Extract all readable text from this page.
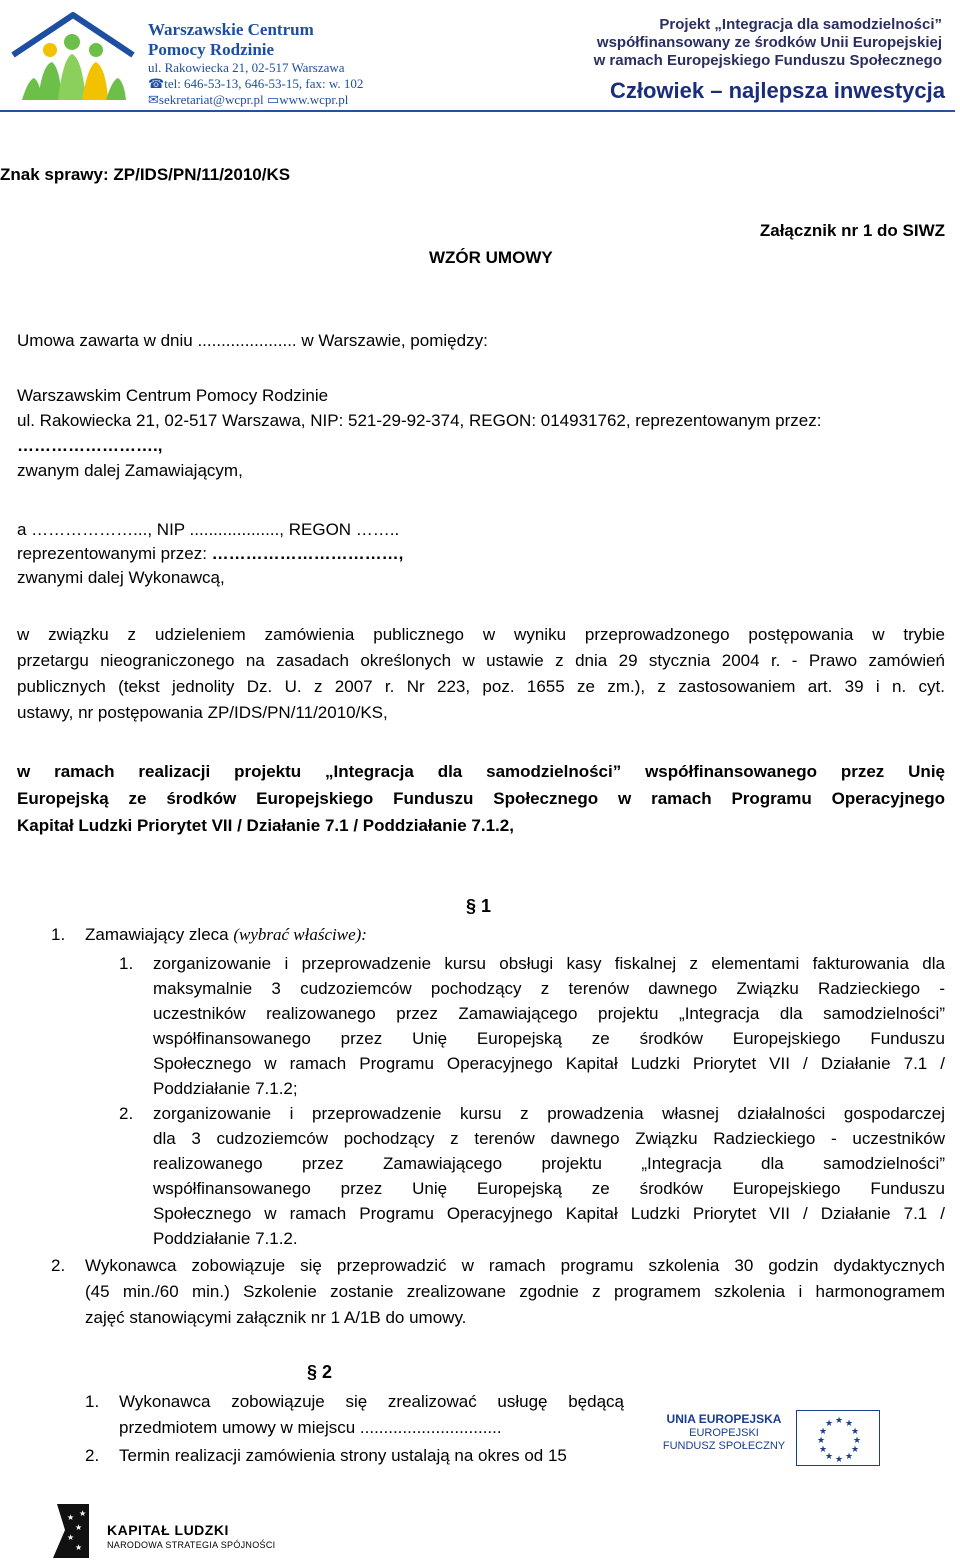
Warszawskie Centrum
Pomocy Rodzinie
ul. Rakowiecka 21, 02-517 Warszawa
☎tel: 646-53-13, 646-53-15, fax: w. 102
✉sekretariat@wcpr.pl ▭www.wcpr.pl
Projekt „Integracja dla samodzielności”
współfinansowany ze środków Unii Europejskiej
w ramach Europejskiego Funduszu Społecznego
Człowiek – najlepsza inwestycja
Znak sprawy: ZP/IDS/PN/11/2010/KS
Załącznik nr 1 do SIWZ
WZÓR UMOWY
Umowa zawarta w dniu ..................... w Warszawie, pomiędzy:
Warszawskim Centrum Pomocy Rodzinie
ul. Rakowiecka 21, 02-517 Warszawa, NIP: 521-29-92-374, REGON: 014931762, reprezentowanym przez:
…………………….,
zwanym dalej Zamawiającym,
a ………………..., NIP ..................., REGON ……..
reprezentowanymi przez: ……………………………,
zwanymi dalej Wykonawcą,
w związku z udzieleniem zamówienia publicznego w wyniku przeprowadzonego postępowania w trybie
przetargu nieograniczonego na zasadach określonych w ustawie z dnia 29 stycznia 2004 r. - Prawo zamówień
publicznych (tekst jednolity Dz. U. z 2007 r. Nr 223, poz. 1655 ze zm.), z zastosowaniem art. 39 i n. cyt.
ustawy, nr postępowania ZP/IDS/PN/11/2010/KS,
w ramach realizacji projektu „Integracja dla samodzielności” współfinansowanego przez Unię
Europejską ze środków Europejskiego Funduszu Społecznego w ramach Programu Operacyjnego
Kapitał Ludzki Priorytet VII / Działanie 7.1 / Poddziałanie 7.1.2,
§ 1
1. Zamawiający zleca (wybrać właściwe):
1. zorganizowanie i przeprowadzenie kursu obsługi kasy fiskalnej z elementami fakturowania dla
maksymalnie 3 cudzoziemców pochodzący z terenów dawnego Związku Radzieckiego -
uczestników realizowanego przez Zamawiającego projektu „Integracja dla samodzielności”
współfinansowanego przez Unię Europejską ze środków Europejskiego Funduszu
Społecznego w ramach Programu Operacyjnego Kapitał Ludzki Priorytet VII / Działanie 7.1 /
Poddziałanie 7.1.2;
2. zorganizowanie i przeprowadzenie kursu z prowadzenia własnej działalności gospodarczej
dla 3 cudzoziemców pochodzący z terenów dawnego Związku Radzieckiego - uczestników
realizowanego przez Zamawiającego projektu „Integracja dla samodzielności”
współfinansowanego przez Unię Europejską ze środków Europejskiego Funduszu
Społecznego w ramach Programu Operacyjnego Kapitał Ludzki Priorytet VII / Działanie 7.1 /
Poddziałanie 7.1.2.
2. Wykonawca zobowiązuje się przeprowadzić w ramach programu szkolenia 30 godzin dydaktycznych
(45 min./60 min.) Szkolenie zostanie zrealizowane zgodnie z programem szkolenia i harmonogramem
zajęć stanowiącymi załącznik nr 1 A/1B do umowy.
§ 2
1. Wykonawca zobowiązuje się zrealizować usługę będącą
przedmiotem umowy w miejscu ..............................
2. Termin realizacji zamówienia strony ustalają na okres od 15
UNIA EUROPEJSKA
EUROPEJSKI
FUNDUSZ SPOŁECZNY
★ ★
★
★
★
★
★
★
★
★
★
★
★
★
★
★
★
KAPITAŁ LUDZKI
NARODOWA STRATEGIA SPÓJNOŚCI
